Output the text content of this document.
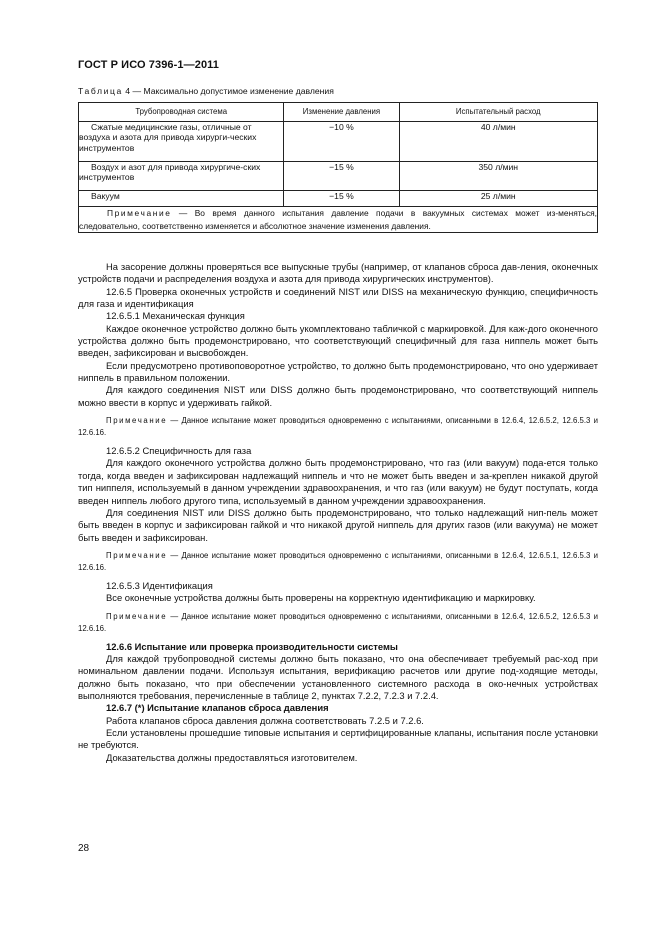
ГОСТ Р ИСО 7396-1—2011
Таблица 4 — Максимально допустимое изменение давления
Трубопроводная система	Изменение давления	Испытательный расход
Сжатые медицинские газы, отличные от воздуха и азота для привода хирурги-ческих инструментов	−10 %	40 л/мин
Воздух и азот для привода хирургиче-ских инструментов	−15 %	350 л/мин
Вакуум	−15 %	25 л/мин
Примечание — Во время данного испытания давление подачи в вакуумных системах может из-меняться, следовательно, соответственно изменяется и абсолютное значение изменения давления.		

На засорение должны проверяться все выпускные трубы (например, от клапанов сброса дав-ления, оконечных устройств подачи и распределения воздуха и азота для привода хирургических инструментов).

12.6.5 Проверка оконечных устройств и соединений NIST или DISS на механическую функцию, специфичность для газа и идентификация

12.6.5.1 Механическая функция

Каждое оконечное устройство должно быть укомплектовано табличкой с маркировкой. Для каж-дого оконечного устройства должно быть продемонстрировано, что соответствующий специфичный для газа ниппель может быть введен, зафиксирован и высвобожден.

Если предусмотрено противоповоротное устройство, то должно быть продемонстрировано, что оно удерживает ниппель в правильном положении.

Для каждого соединения NIST или DISS должно быть продемонстрировано, что соответствующий ниппель можно ввести в корпус и удерживать гайкой.

Примечание — Данное испытание может проводиться одновременно с испытаниями, описанными в 12.6.4, 12.6.5.2, 12.6.5.3 и 12.6.16.

12.6.5.2 Специфичность для газа

Для каждого оконечного устройства должно быть продемонстрировано, что газ (или вакуум) пода-ется только тогда, когда введен и зафиксирован надлежащий ниппель и что не может быть введен и за-креплен никакой другой тип ниппеля, используемый в данном учреждении здравоохранения, и что газ (или вакуум) не будут поступать, когда введен ниппель любого другого типа, используемый в данном учреждении здравоохранения.

Для соединения NIST или DISS должно быть продемонстрировано, что только надлежащий нип-пель может быть введен в корпус и зафиксирован гайкой и что никакой другой ниппель для других газов (или вакуума) не может быть введен и зафиксирован.

Примечание — Данное испытание может проводиться одновременно с испытаниями, описанными в 12.6.4, 12.6.5.1, 12.6.5.3 и 12.6.16.

12.6.5.3 Идентификация

Все оконечные устройства должны быть проверены на корректную идентификацию и маркировку.

Примечание — Данное испытание может проводиться одновременно с испытаниями, описанными в 12.6.4, 12.6.5.2, 12.6.5.3 и 12.6.16.

12.6.6 Испытание или проверка производительности системы

Для каждой трубопроводной системы должно быть показано, что она обеспечивает требуемый рас-ход при номинальном давлении подачи. Используя испытания, верификацию расчетов или другие под-ходящие методы, должно быть показано, что при обеспечении установленного системного расхода в око-нечных устройствах выполняются требования, перечисленные в таблице 2, пунктах 7.2.2, 7.2.3 и 7.2.4.

12.6.7 (*) Испытание клапанов сброса давления

Работа клапанов сброса давления должна соответствовать 7.2.5 и 7.2.6.

Если установлены прошедшие типовые испытания и сертифицированные клапаны, испытания после установки не требуются.

Доказательства должны предоставляться изготовителем.

28
